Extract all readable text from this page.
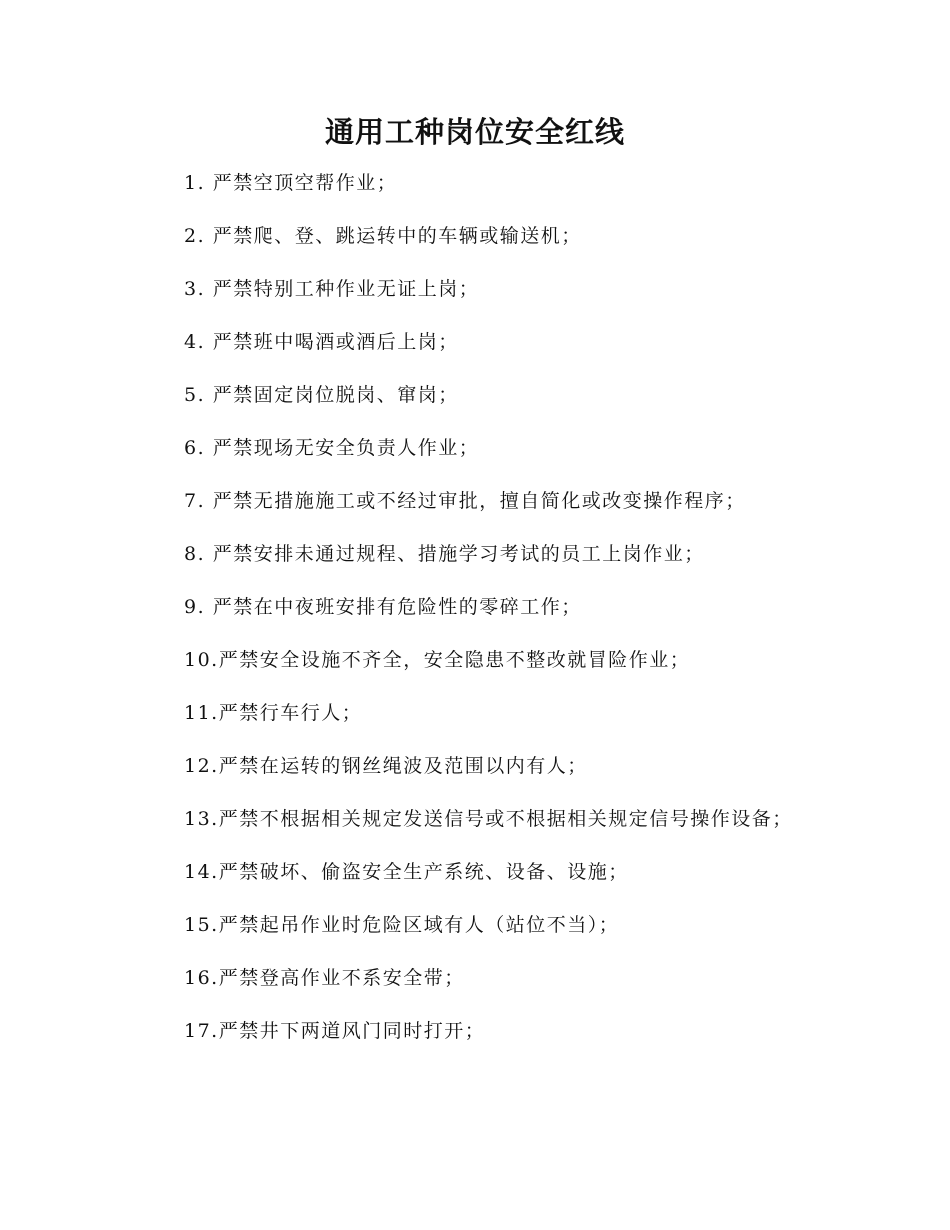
通用工种岗位安全红线
1. 严禁空顶空帮作业；
2. 严禁爬、登、跳运转中的车辆或输送机；
3. 严禁特别工种作业无证上岗；
4. 严禁班中喝酒或酒后上岗；
5. 严禁固定岗位脱岗、窜岗；
6. 严禁现场无安全负责人作业；
7. 严禁无措施施工或不经过审批，擅自简化或改变操作程序；
8. 严禁安排未通过规程、措施学习考试的员工上岗作业；
9. 严禁在中夜班安排有危险性的零碎工作；
10.严禁安全设施不齐全，安全隐患不整改就冒险作业；
11.严禁行车行人；
12.严禁在运转的钢丝绳波及范围以内有人；
13.严禁不根据相关规定发送信号或不根据相关规定信号操作设备；
14.严禁破坏、偷盗安全生产系统、设备、设施；
15.严禁起吊作业时危险区域有人（站位不当）；
16.严禁登高作业不系安全带；
17.严禁井下两道风门同时打开；
